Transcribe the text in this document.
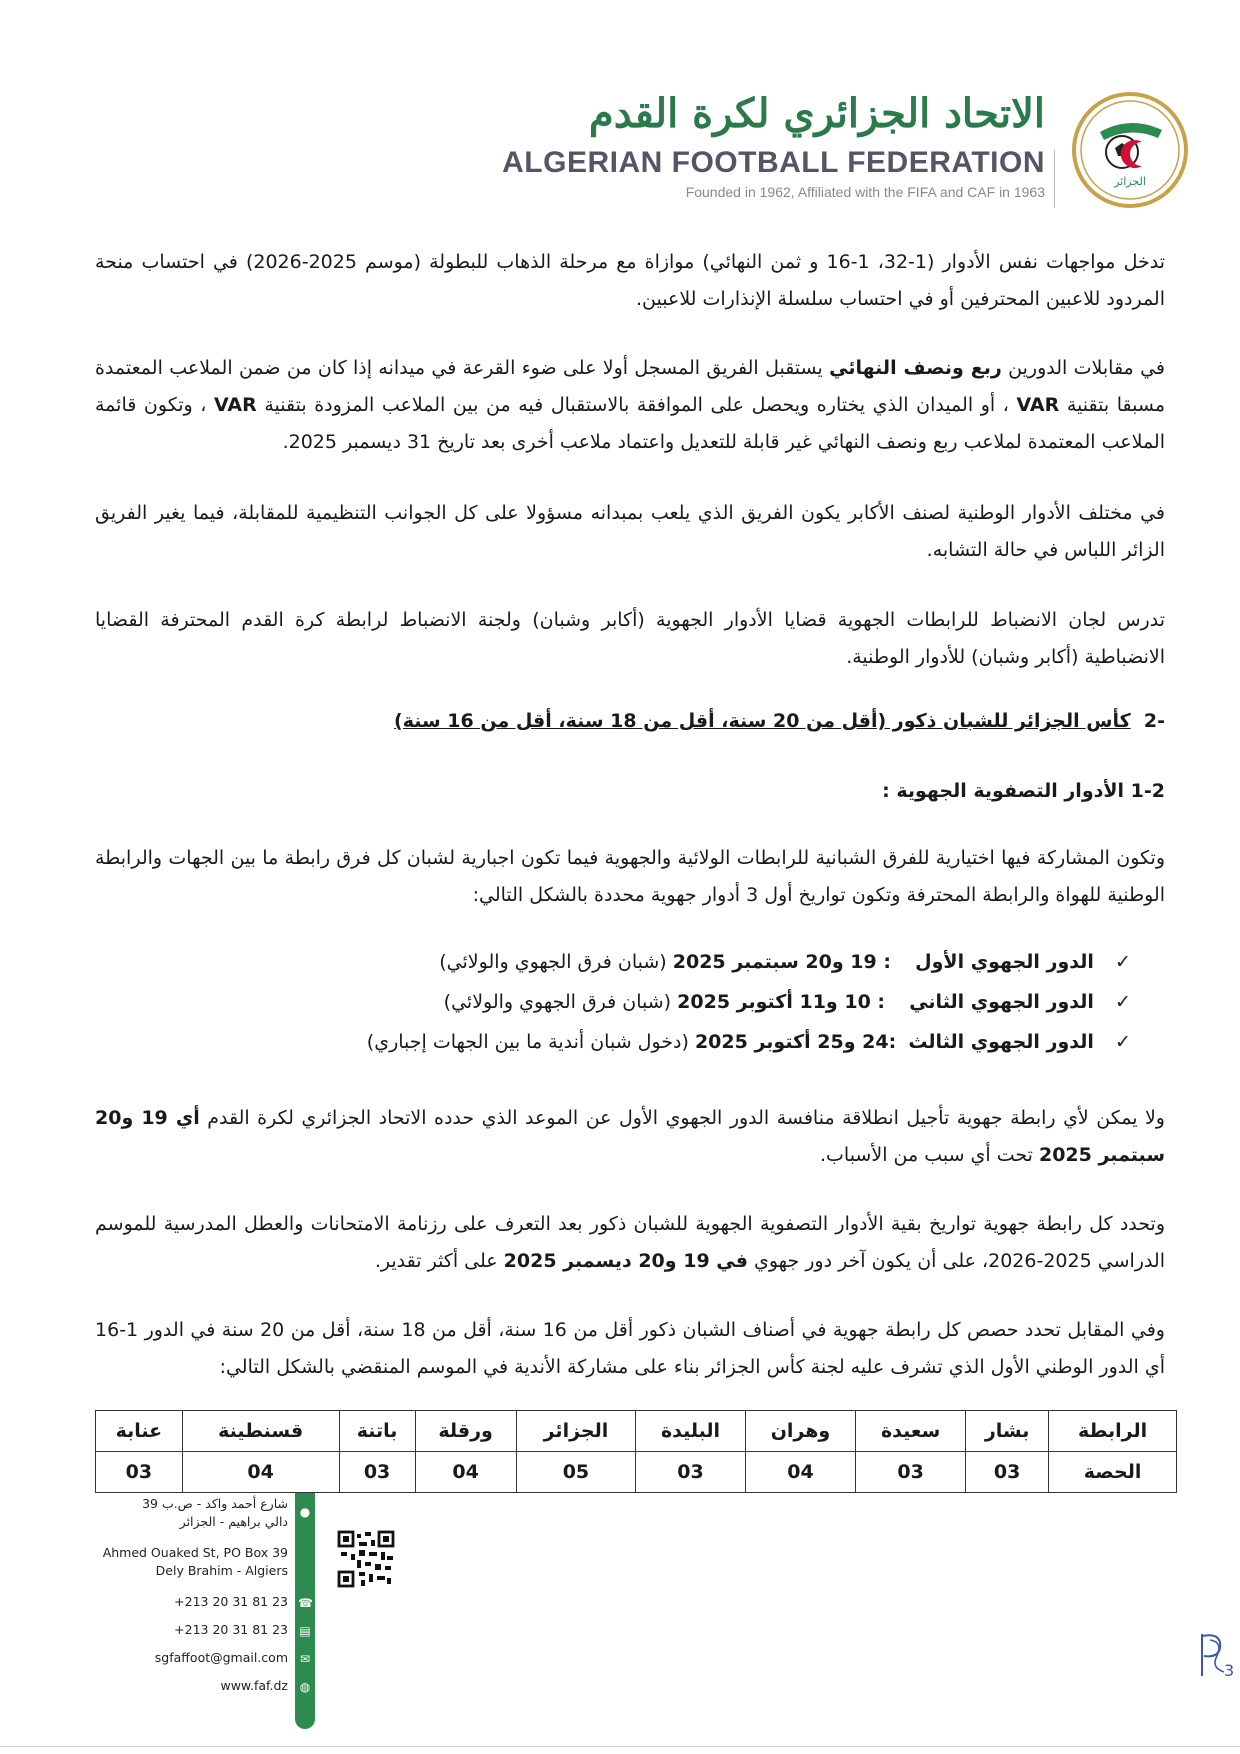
الاتحاد الجزائري لكرة القدم
ALGERIAN FOOTBALL FEDERATION
Founded in 1962, Affiliated with the FIFA and CAF in 1963
الجزائر
تدخل مواجهات نفس الأدوار (1-32، 1-16 و ثمن النهائي) موازاة مع مرحلة الذهاب للبطولة (موسم 2025-2026) في احتساب منحة المردود للاعبين المحترفين أو في احتساب سلسلة الإنذارات للاعبين.
في مقابلات الدورين ربع ونصف النهائي يستقبل الفريق المسجل أولا على ضوء القرعة في ميدانه إذا كان من ضمن الملاعب المعتمدة مسبقا بتقنية VAR ، أو الميدان الذي يختاره ويحصل على الموافقة بالاستقبال فيه من بين الملاعب المزودة بتقنية VAR ، وتكون قائمة الملاعب المعتمدة لملاعب ربع ونصف النهائي غير قابلة للتعديل واعتماد ملاعب أخرى بعد تاريخ 31 ديسمبر 2025.
في مختلف الأدوار الوطنية لصنف الأكابر يكون الفريق الذي يلعب بمبدانه مسؤولا على كل الجوانب التنظيمية للمقابلة، فيما يغير الفريق الزائر اللباس في حالة التشابه.
تدرس لجان الانضباط للرابطات الجهوية قضايا الأدوار الجهوية (أكابر وشبان) ولجنة الانضباط لرابطة كرة القدم المحترفة القضايا الانضباطية (أكابر وشبان) للأدوار الوطنية.
-2  كأس الجزائر للشبان ذكور (أقل من 20 سنة، أقل من 18 سنة، أقل من 16 سنة)
1-2 الأدوار التصفوية الجهوية :
وتكون المشاركة فيها اختيارية للفرق الشبانية للرابطات الولائية والجهوية فيما تكون اجبارية لشبان كل فرق رابطة ما بين الجهات والرابطة الوطنية للهواة والرابطة المحترفة وتكون تواريخ أول 3 أدوار جهوية محددة بالشكل التالي:
✓  الدور الجهوي الأول    : 19 و20 سبتمبر 2025 (شبان فرق الجهوي والولائي)
✓  الدور الجهوي الثاني    : 10 و11 أكتوبر 2025 (شبان فرق الجهوي والولائي)
✓  الدور الجهوي الثالث  :24 و25 أكتوبر 2025 (دخول شبان أندية ما بين الجهات إجباري)
ولا يمكن لأي رابطة جهوية تأجيل انطلاقة منافسة الدور الجهوي الأول عن الموعد الذي حدده الاتحاد الجزائري لكرة القدم أي 19 و20 سبتمبر 2025 تحت أي سبب من الأسباب.
وتحدد كل رابطة جهوية تواريخ بقية الأدوار التصفوية الجهوية للشبان ذكور بعد التعرف على رزنامة الامتحانات والعطل المدرسية للموسم الدراسي 2025-2026، على أن يكون آخر دور جهوي في 19 و20 ديسمبر 2025 على أكثر تقدير.
وفي المقابل تحدد حصص كل رابطة جهوية في أصناف الشبان ذكور أقل من 16 سنة، أقل من 18 سنة، أقل من 20 سنة في الدور 1-16 أي الدور الوطني الأول الذي تشرف عليه لجنة كأس الجزائر بناء على مشاركة الأندية في الموسم المنقضي بالشكل التالي:
الرابطة	بشار	سعيدة	وهران	البليدة	الجزائر	ورقلة	باتنة	قسنطينة	عنابة
الحصة	03	03	04	03	05	04	03	04	03
شارع أحمد واكد - ص.ب 39
دالي براهيم - الجزائر
Ahmed Ouaked St, PO Box 39
Dely Brahim - Algiers
+213 20 31 81 23
+213 20 31 81 23
sgfaffoot@gmail.com
www.faf.dz
●
☎
▤
✉
◍
3
